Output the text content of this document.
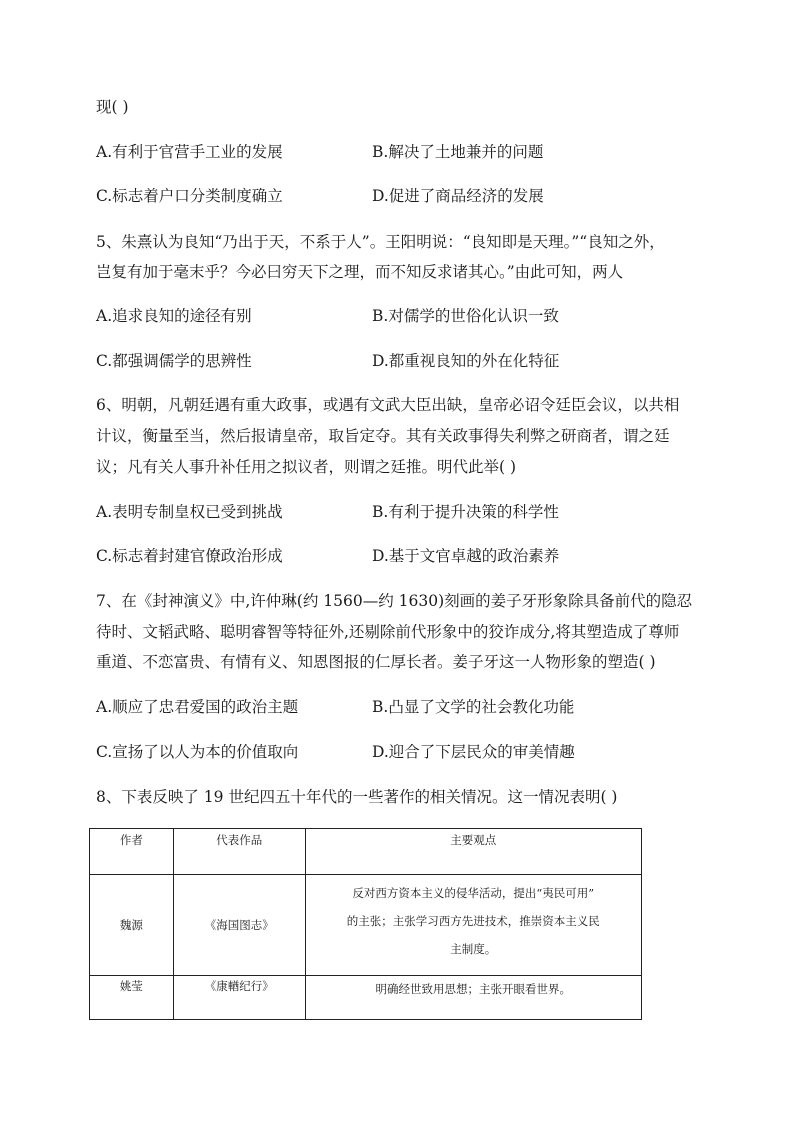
现( )
A.有利于官营手工业的发展	B.解决了土地兼并的问题
C.标志着户口分类制度确立	D.促进了商品经济的发展
5、朱熹认为良知“乃出于天，不系于人”。王阳明说：“良知即是天理。”“良知之外，
岂复有加于毫末乎？今必曰穷天下之理，而不知反求诸其心。”由此可知，两人
A.追求良知的途径有别	B.对儒学的世俗化认识一致
C.都强调儒学的思辨性	D.都重视良知的外在化特征
6、明朝，凡朝廷遇有重大政事，或遇有文武大臣出缺，皇帝必诏令廷臣会议，以共相
计议，衡量至当，然后报请皇帝，取旨定夺。其有关政事得失利弊之研商者，谓之廷
议；凡有关人事升补任用之拟议者，则谓之廷推。明代此举( )
A.表明专制皇权已受到挑战	B.有利于提升决策的科学性
C.标志着封建官僚政治形成	D.基于文官卓越的政治素养
7、在《封神演义》中,许仲琳(约 1560—约 1630)刻画的姜子牙形象除具备前代的隐忍
待时、文韬武略、聪明睿智等特征外,还剔除前代形象中的狡诈成分,将其塑造成了尊师
重道、不恋富贵、有情有义、知恩图报的仁厚长者。姜子牙这一人物形象的塑造( )
A.顺应了忠君爱国的政治主题	B.凸显了文学的社会教化功能
C.宣扬了以人为本的价值取向	D.迎合了下层民众的审美情趣
8、下表反映了 19 世纪四五十年代的一些著作的相关情况。这一情况表明( )
作者	代表作品	主要观点
魏源	《海国图志》	反对西方资本主义的侵华活动，提出“夷民可用”
的主张；主张学习西方先进技术，推崇资本主义民
主制度。

姚莹	《康輶纪行》	明确经世致用思想；主张开眼看世界。
